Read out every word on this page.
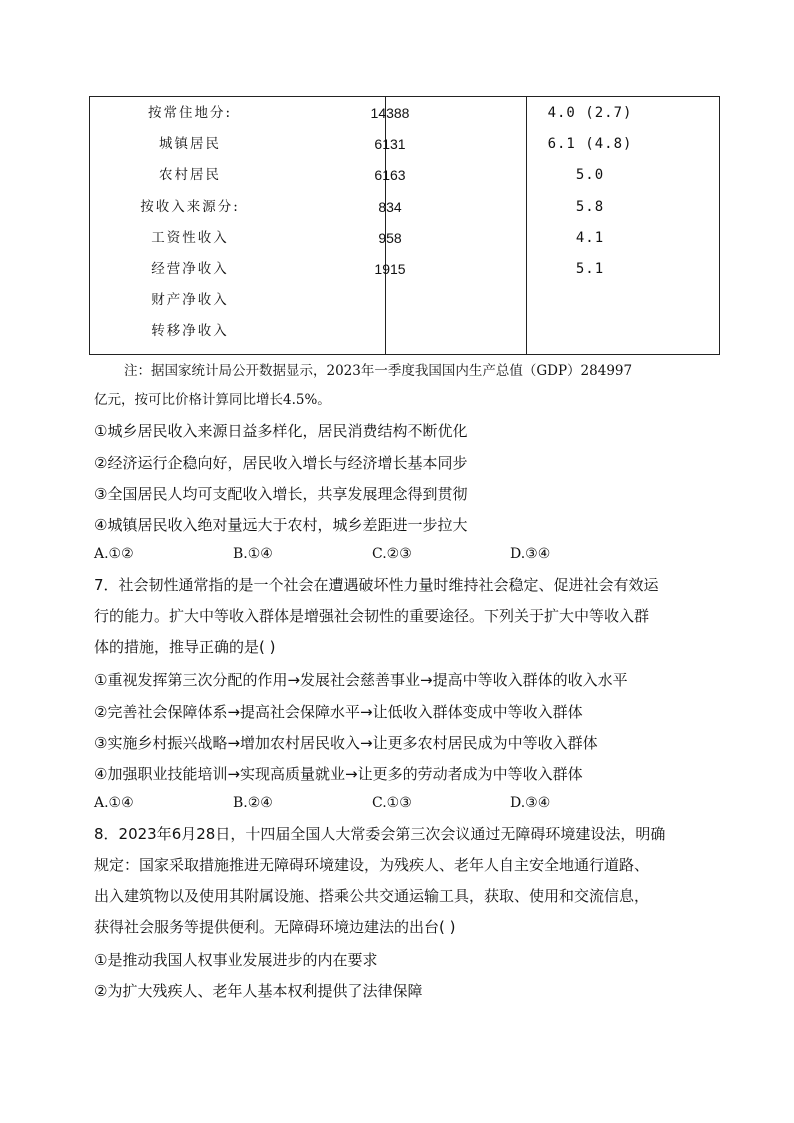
按常住地分:	14388	4.0 (2.7)
城镇居民	6131	6.1 (4.8)
农村居民	6163	5.0
按收入来源分:	834	5.8
工资性收入	958	4.1
经营净收入	1915	5.1
财产净收入
转移净收入
注：据国家统计局公开数据显示，2023年一季度我国国内生产总值（GDP）284997
亿元，按可比价格计算同比增长4.5%。
①城乡居民收入来源日益多样化，居民消费结构不断优化
②经济运行企稳向好，居民收入增长与经济增长基本同步
③全国居民人均可支配收入增长，共享发展理念得到贯彻
④城镇居民收入绝对量远大于农村，城乡差距进一步拉大
A.①②	B.①④	C.②③	D.③④
7．社会韧性通常指的是一个社会在遭遇破坏性力量时维持社会稳定、促进社会有效运
行的能力。扩大中等收入群体是增强社会韧性的重要途径。下列关于扩大中等收入群
体的措施，推导正确的是( )
①重视发挥第三次分配的作用→发展社会慈善事业→提高中等收入群体的收入水平
②完善社会保障体系→提高社会保障水平→让低收入群体变成中等收入群体
③实施乡村振兴战略→增加农村居民收入→让更多农村居民成为中等收入群体
④加强职业技能培训→实现高质量就业→让更多的劳动者成为中等收入群体
A.①④	B.②④	C.①③	D.③④
8．2023年6月28日，十四届全国人大常委会第三次会议通过无障碍环境建设法，明确
规定：国家采取措施推进无障碍环境建设，为残疾人、老年人自主安全地通行道路、
出入建筑物以及使用其附属设施、搭乘公共交通运输工具，获取、使用和交流信息，
获得社会服务等提供便利。无障碍环境边建法的出台( )
①是推动我国人权事业发展进步的内在要求
②为扩大残疾人、老年人基本权利提供了法律保障
